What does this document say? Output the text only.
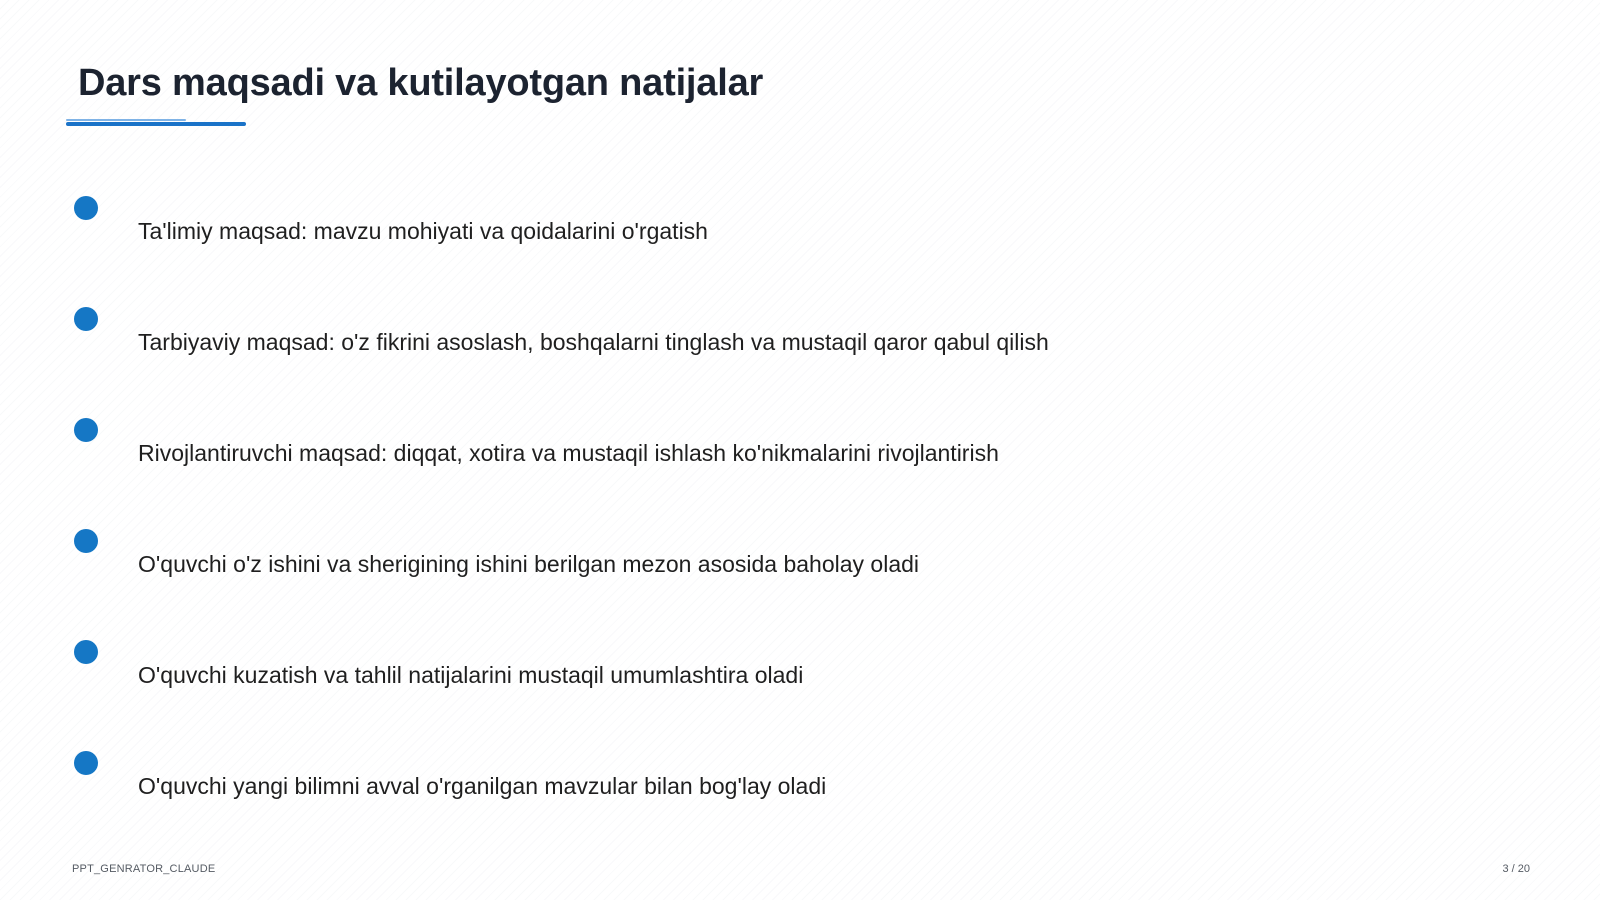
Dars maqsadi va kutilayotgan natijalar
Ta'limiy maqsad: mavzu mohiyati va qoidalarini o'rgatish
Tarbiyaviy maqsad: o'z fikrini asoslash, boshqalarni tinglash va mustaqil qaror qabul qilish
Rivojlantiruvchi maqsad: diqqat, xotira va mustaqil ishlash ko'nikmalarini rivojlantirish
O'quvchi o'z ishini va sherigining ishini berilgan mezon asosida baholay oladi
O'quvchi kuzatish va tahlil natijalarini mustaqil umumlashtira oladi
O'quvchi yangi bilimni avval o'rganilgan mavzular bilan bog'lay oladi
PPT_GENRATOR_CLAUDE	3 / 20
